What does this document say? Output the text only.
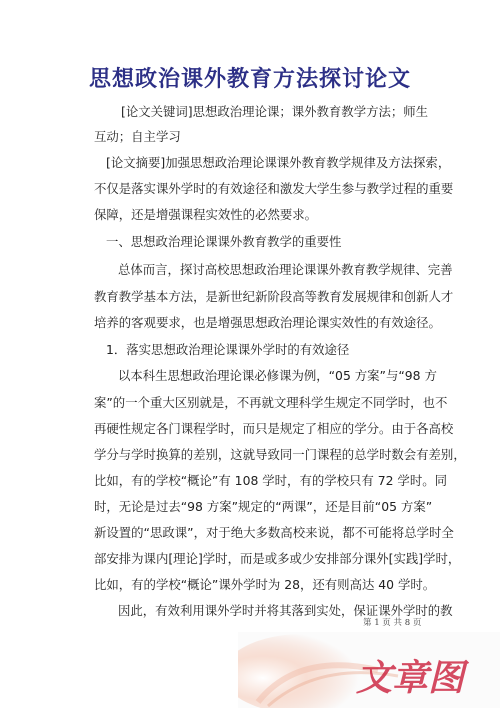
思想政治课外教育方法探讨论文
[论文关键词]思想政治理论课；课外教育教学方法；师生
互动；自主学习
[论文摘要]加强思想政治理论课课外教育教学规律及方法探索，
不仅是落实课外学时的有效途径和激发大学生参与教学过程的重要
保障，还是增强课程实效性的必然要求。
一、思想政治理论课课外教育教学的重要性
总体而言，探讨高校思想政治理论课课外教育教学规律、完善
教育教学基本方法，是新世纪新阶段高等教育发展规律和创新人才
培养的客观要求，也是增强思想政治理论课实效性的有效途径。
1．落实思想政治理论课课外学时的有效途径
以本科生思想政治理论课必修课为例，“05 方案”与“98 方
案”的一个重大区别就是，不再就文理科学生规定不同学时，也不
再硬性规定各门课程学时，而只是规定了相应的学分。由于各高校
学分与学时换算的差别，这就导致同一门课程的总学时数会有差别，
比如，有的学校“概论”有 108 学时，有的学校只有 72 学时。同
时，无论是过去“98 方案”规定的“两课”，还是目前“05 方案”
新设置的“思政课”，对于绝大多数高校来说，都不可能将总学时全
部安排为课内[理论]学时，而是或多或少安排部分课外[实践]学时，
比如，有的学校“概论”课外学时为 28，还有则高达 40 学时。
因此，有效利用课外学时并将其落到实处，保证课外学时的教
第 1 页 共 8 页
文章图
